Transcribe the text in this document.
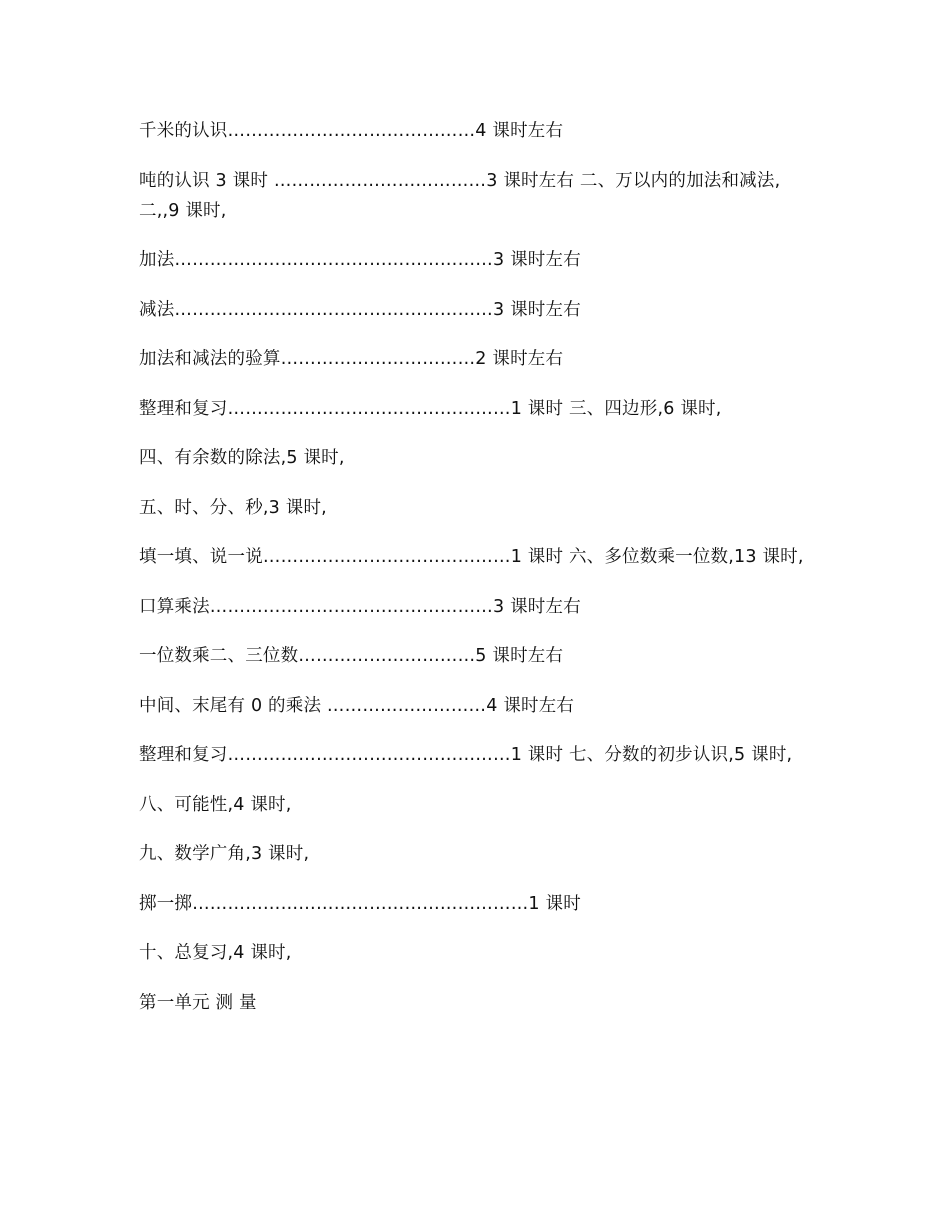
千米的认识……………………………………4 课时左右
吨的认识 3 课时 ………………………………3 课时左右 二、万以内的加法和减法,二,,9 课时,
加法………………………………………………3 课时左右
减法………………………………………………3 课时左右
加法和减法的验算……………………………2 课时左右
整理和复习…………………………………………1 课时 三、四边形,6 课时,
四、有余数的除法,5 课时,
五、时、分、秒,3 课时,
填一填、说一说……………………………………1 课时 六、多位数乘一位数,13 课时,
口算乘法…………………………………………3 课时左右
一位数乘二、三位数…………………………5 课时左右
中间、末尾有 0 的乘法 ………………………4 课时左右
整理和复习…………………………………………1 课时 七、分数的初步认识,5 课时,
八、可能性,4 课时,
九、数学广角,3 课时,
掷一掷…………………………………………………1 课时
十、总复习,4 课时,
第一单元 测 量
